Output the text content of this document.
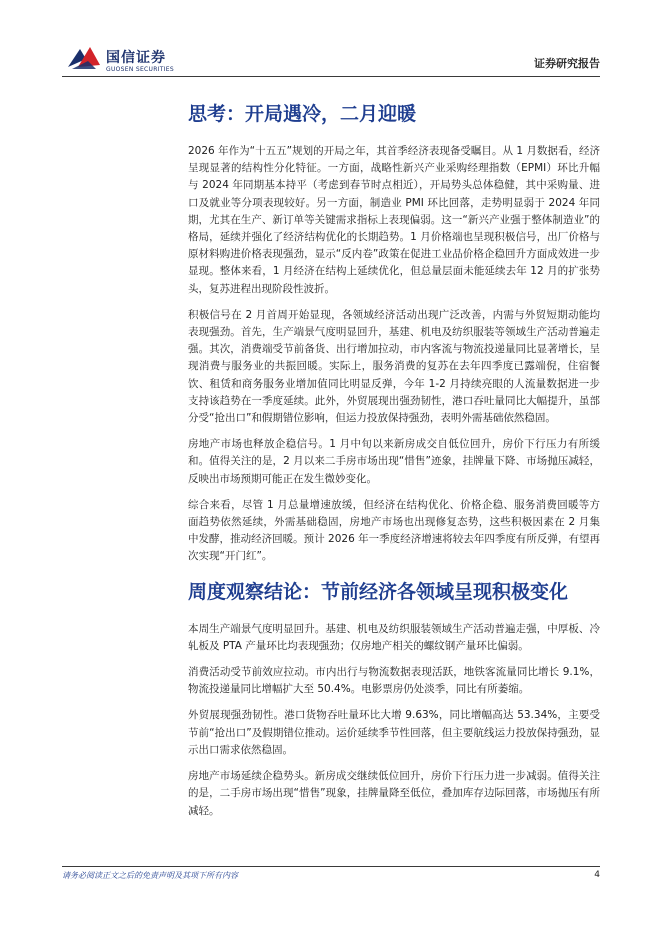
国信证券
GUOSEN SECURITIES	证券研究报告
思考：开局遇冷，二月迎暖

2026 年作为“十五五”规划的开局之年，其首季经济表现备受瞩目。从 1 月数据看，经济呈现显著的结构性分化特征。一方面，战略性新兴产业采购经理指数（EPMI）环比升幅与 2024 年同期基本持平（考虑到春节时点相近），开局势头总体稳健，其中采购量、进口及就业等分项表现较好。另一方面，制造业 PMI 环比回落，走势明显弱于 2024 年同期，尤其在生产、新订单等关键需求指标上表现偏弱。这一“新兴产业强于整体制造业”的格局，延续并强化了经济结构优化的长期趋势。1 月价格端也呈现积极信号，出厂价格与原材料购进价格表现强劲，显示“反内卷”政策在促进工业品价格企稳回升方面成效进一步显现。整体来看，1 月经济在结构上延续优化，但总量层面未能延续去年 12 月的扩张势头，复苏进程出现阶段性波折。

积极信号在 2 月首周开始显现，各领域经济活动出现广泛改善，内需与外贸短期动能均表现强劲。首先，生产端景气度明显回升，基建、机电及纺织服装等领域生产活动普遍走强。其次，消费端受节前备货、出行增加拉动，市内客流与物流投递量同比显著增长，呈现消费与服务业的共振回暖。实际上，服务消费的复苏在去年四季度已露端倪，住宿餐饮、租赁和商务服务业增加值同比明显反弹，今年 1-2 月持续亮眼的人流量数据进一步支持该趋势在一季度延续。此外，外贸展现出强劲韧性，港口吞吐量同比大幅提升，虽部分受“抢出口”和假期错位影响，但运力投放保持强劲，表明外需基础依然稳固。

房地产市场也释放企稳信号。1 月中旬以来新房成交自低位回升，房价下行压力有所缓和。值得关注的是，2 月以来二手房市场出现“惜售”迹象，挂牌量下降、市场抛压减轻，反映出市场预期可能正在发生微妙变化。

综合来看，尽管 1 月总量增速放缓，但经济在结构优化、价格企稳、服务消费回暖等方面趋势依然延续，外需基础稳固，房地产市场也出现修复态势，这些积极因素在 2 月集中发酵，推动经济回暖。预计 2026 年一季度经济增速将较去年四季度有所反弹，有望再次实现“开门红”。

周度观察结论：节前经济各领域呈现积极变化

本周生产端景气度明显回升。基建、机电及纺织服装领域生产活动普遍走强，中厚板、冷轧板及 PTA 产量环比均表现强劲；仅房地产相关的螺纹钢产量环比偏弱。

消费活动受节前效应拉动。市内出行与物流数据表现活跃，地铁客流量同比增长 9.1%，物流投递量同比增幅扩大至 50.4%。电影票房仍处淡季，同比有所萎缩。

外贸展现强劲韧性。港口货物吞吐量环比大增 9.63%，同比增幅高达 53.34%，主要受节前“抢出口”及假期错位推动。运价延续季节性回落，但主要航线运力投放保持强劲，显示出口需求依然稳固。

房地产市场延续企稳势头。新房成交继续低位回升，房价下行压力进一步减弱。值得关注的是，二手房市场出现“惜售”现象，挂牌量降至低位，叠加库存边际回落，市场抛压有所减轻。

请务必阅读正文之后的免责声明及其项下所有内容	4
